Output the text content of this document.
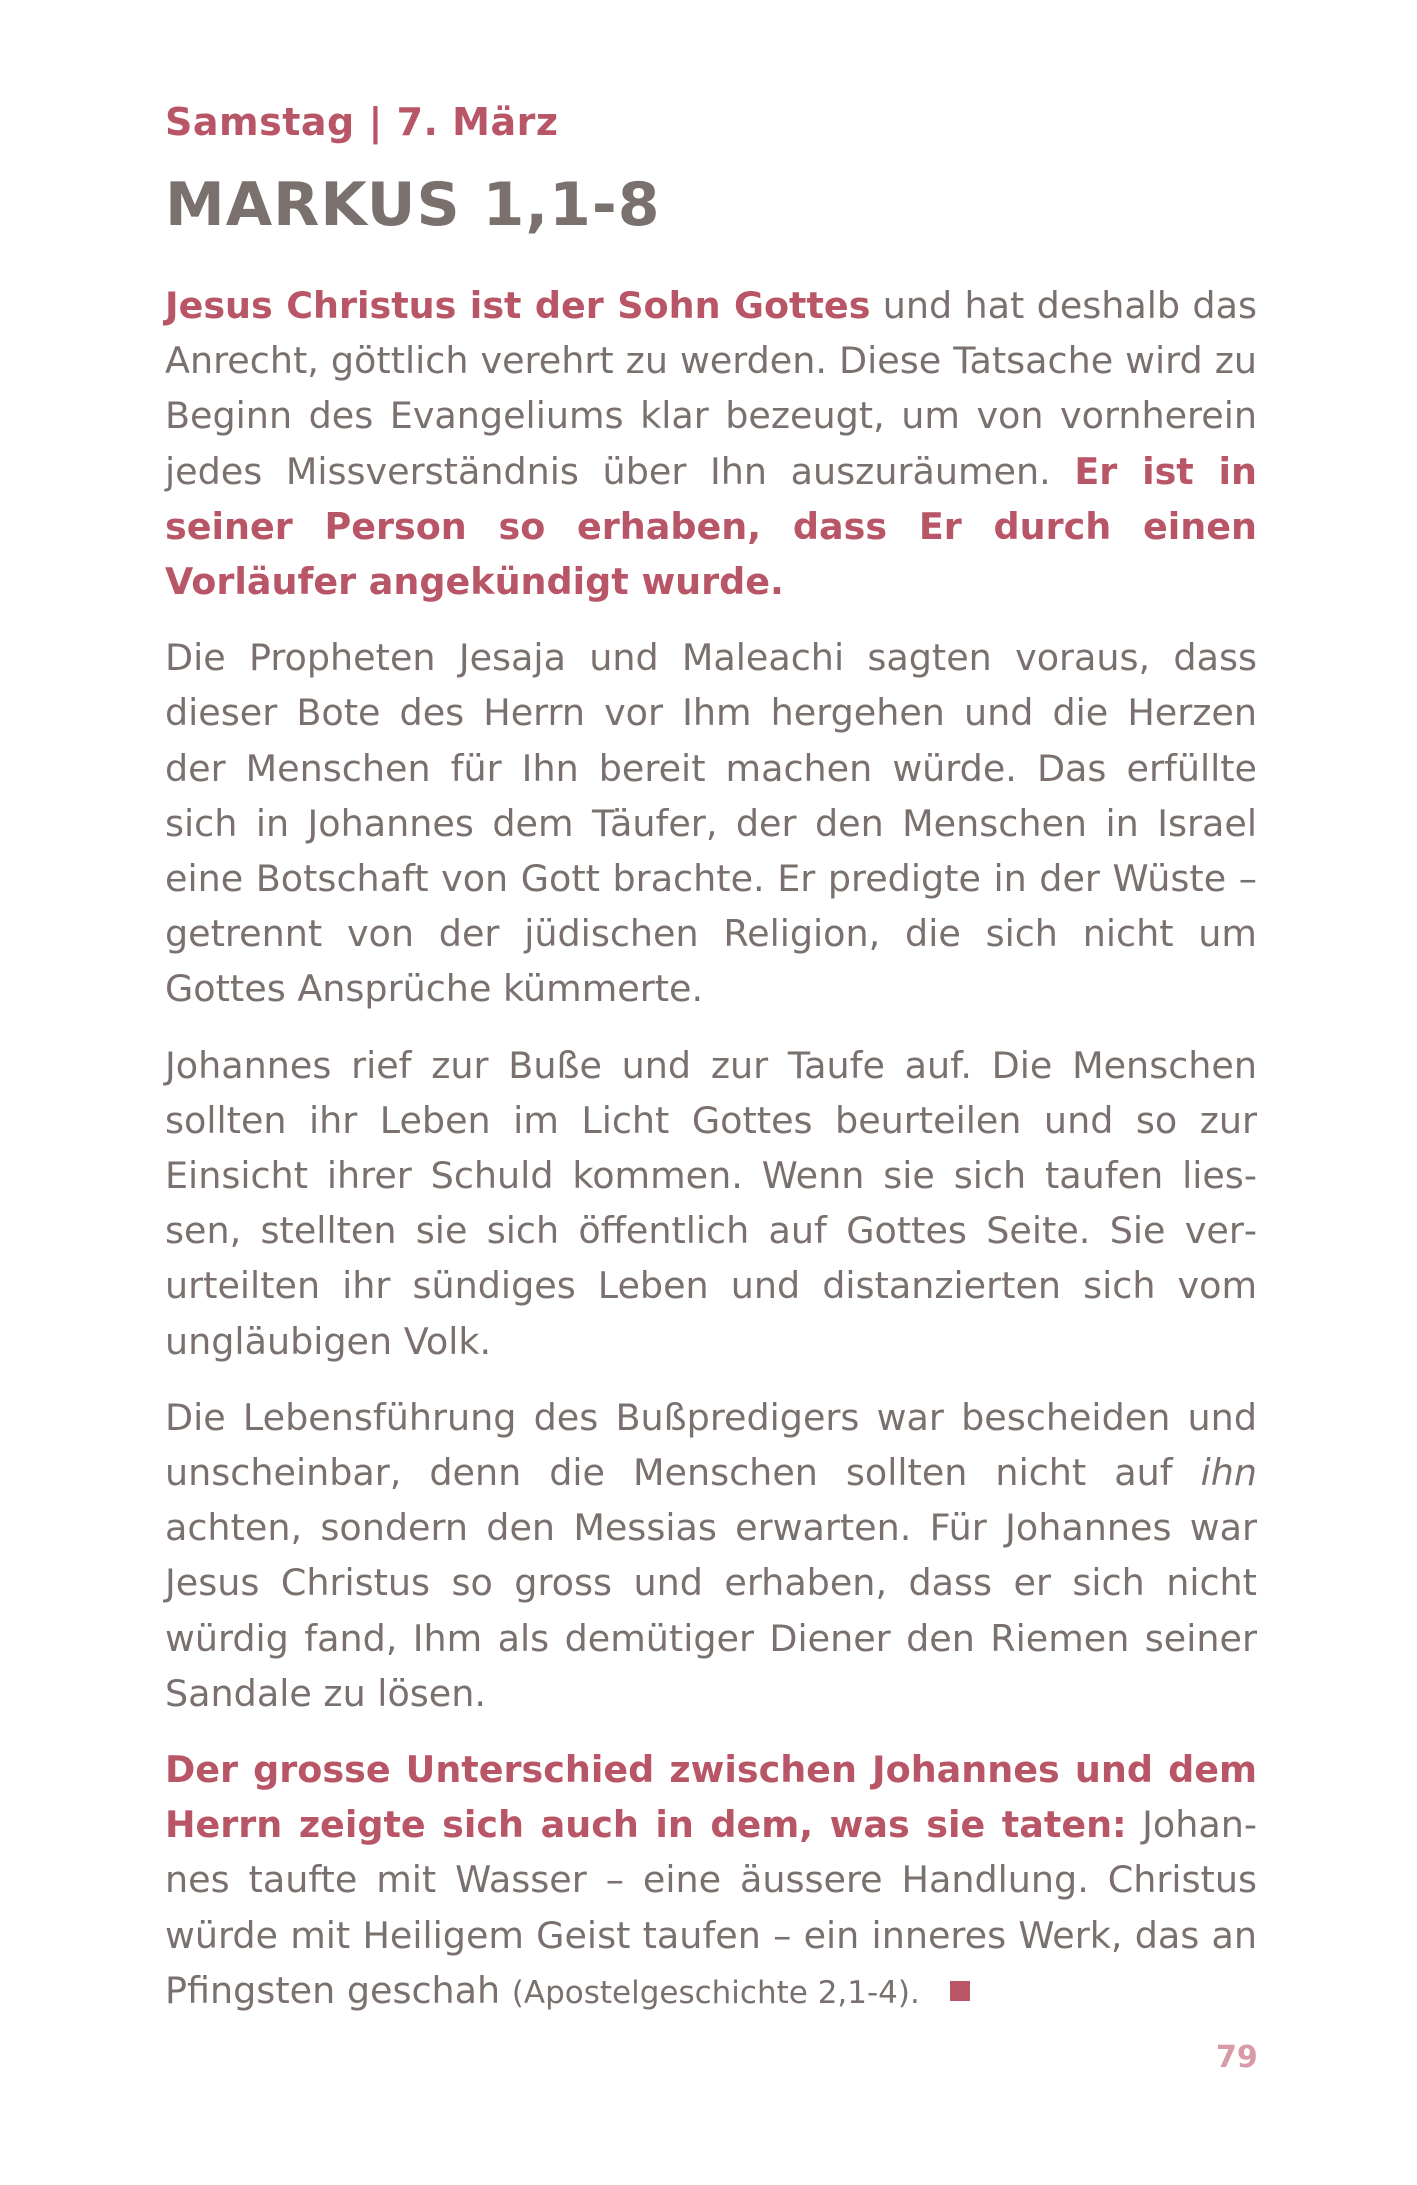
Samstag | 7. März
MARKUS 1,1-8

Jesus Christus ist der Sohn Gottes und hat deshalb das Anrecht, göttlich verehrt zu werden. Diese Tatsache wird zu Beginn des Evangeliums klar bezeugt, um von vornherein jedes Missverständnis über Ihn auszuräumen. Er ist in seiner Person so erhaben, dass Er durch einen Vorläufer angekündigt wurde.

Die Propheten Jesaja und Maleachi sagten voraus, dass dieser Bote des Herrn vor Ihm hergehen und die Herzen der Menschen für Ihn bereit machen würde. Das erfüllte sich in Johannes dem Täufer, der den Menschen in Israel eine Botschaft von Gott brachte. Er predigte in der Wüste – getrennt von der jüdischen Religion, die sich nicht um Gottes Ansprüche kümmerte.

Johannes rief zur Buße und zur Taufe auf. Die Menschen sollten ihr Leben im Licht Gottes beurteilen und so zur Einsicht ihrer Schuld kommen. Wenn sie sich taufen liessen, stellten sie sich öffentlich auf Gottes Seite. Sie verurteilten ihr sündiges Leben und distanzierten sich vom ungläubigen Volk.

Die Lebensführung des Bußpredigers war bescheiden und unscheinbar, denn die Menschen sollten nicht auf ihn achten, sondern den Messias erwarten. Für Johannes war Jesus Christus so gross und erhaben, dass er sich nicht würdig fand, Ihm als demütiger Diener den Riemen seiner Sandale zu lösen.

Der grosse Unterschied zwischen Johannes und dem Herrn zeigte sich auch in dem, was sie taten: Johannes taufte mit Wasser – eine äussere Handlung. Christus würde mit Heiligem Geist taufen – ein inneres Werk, das an Pfingsten geschah (Apostelgeschichte 2,1-4).

79
